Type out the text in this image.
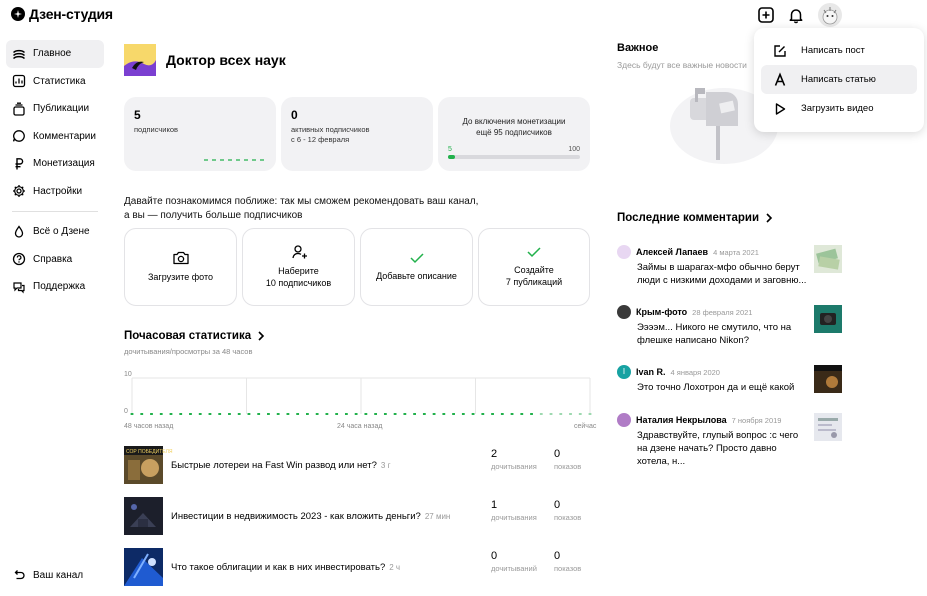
Дзен-студия
Главное
Статистика
Публикации
Комментарии
Монетизация
Настройки
Всё о Дзене
Справка
Поддержка
Ваш канал
Доктор всех наук
5
подписчиков
0
активных подписчиков
с 6 - 12 февраля
До включения монетизации
ещё 95 подписчиков
5	100
Давайте познакомимся поближе: так мы сможем рекомендовать ваш канал,
а вы — получить больше подписчиков
Загрузите фото
Наберите
10 подписчиков
Добавьте описание
Создайте
7 публикаций
Почасовая статистика
дочитывания/просмотры за 48 часов
10
0
48 часов назад	24 часа назад	сейчас
СОР ПОБЕДИТЕЛЯ
Быстрые лотереи на Fast Win развод или нет? 3 г
2
дочитывания
0
показов
Инвестиции в недвижимость 2023 - как вложить деньги? 27 мин
1
дочитывания
0
показов
Что такое облигации и как в них инвестировать? 2 ч
0
дочитываний
0
показов
Важное
Здесь будут все важные новости
Написать пост
Написать статью
Загрузить видео
Последние комментарии
Алексей Лапаев 4 марта 2021
Займы в шарагах-мфо обычно берут люди с низкими доходами и заговню...
Крым-фото 28 февраля 2021
Ээээм... Никого не смутило, что на флешке написано Nikon?
I	Ivan R. 4 января 2020
Это точно Лохотрон да и ещё какой
Наталия Некрылова 7 ноября 2019
Здравствуйте, глупый вопрос :с чего на дзене начать? Просто давно хотела, н...
